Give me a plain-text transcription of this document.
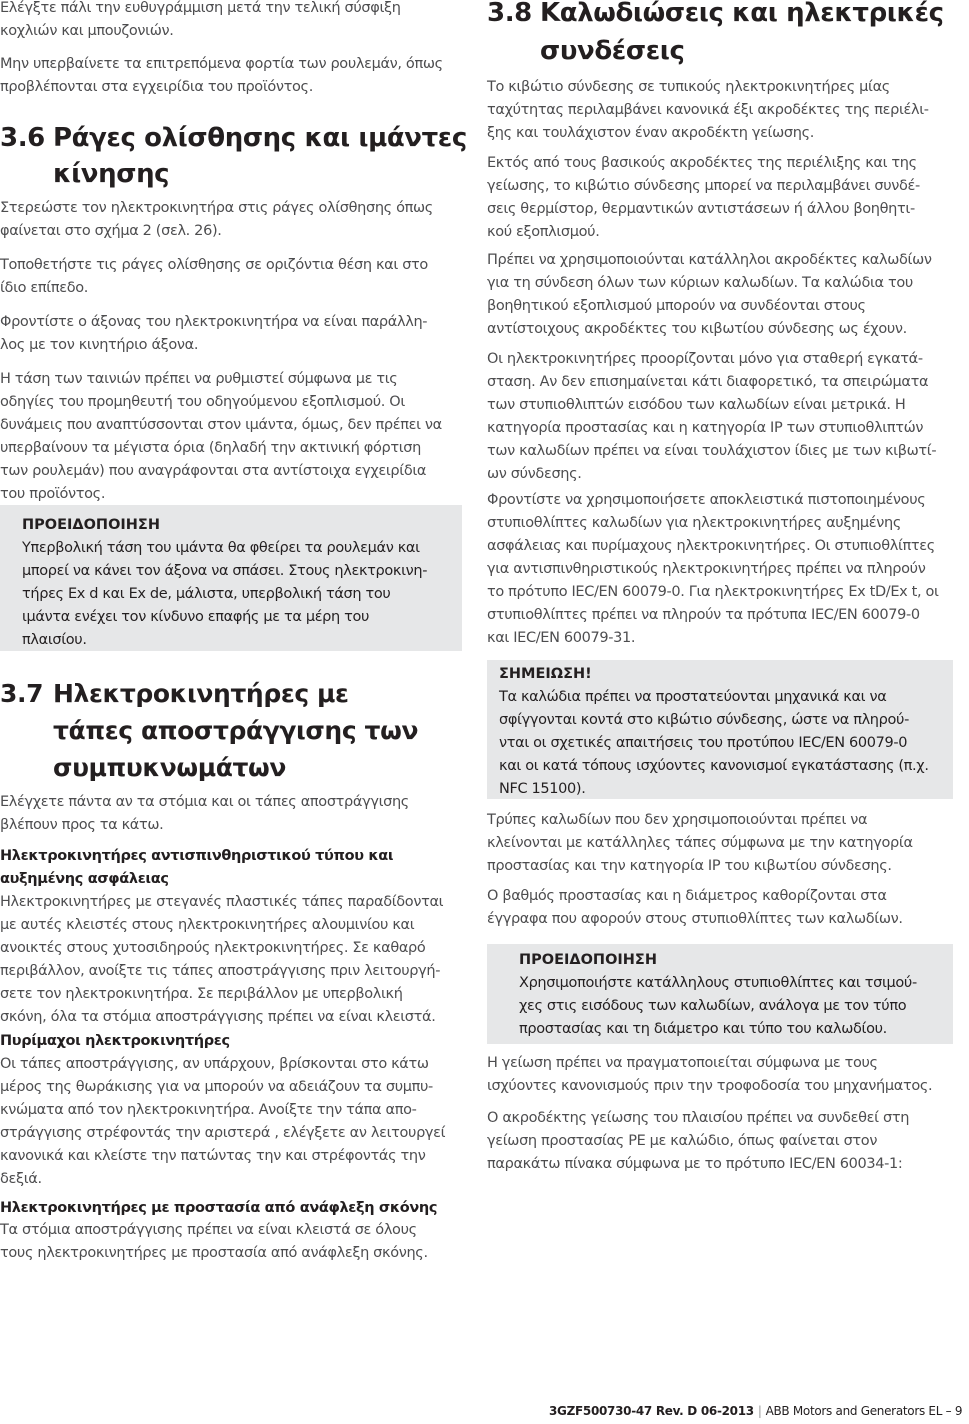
Ελέγξτε πάλι την ευθυγράμμιση μετά την τελική σύσφιξη
κοχλιών και μπουζονιών.

Μην υπερβαίνετε τα επιτρεπόμενα φορτία των ρουλεμάν, όπως
προβλέπονται στα εγχειρίδια του προϊόντος.

3.6 Ράγες ολίσθησης και ιμάντες
κίνησης

Στερεώστε τον ηλεκτροκινητήρα στις ράγες ολίσθησης όπως
φαίνεται στο σχήμα 2 (σελ. 26).

Τοποθετήστε τις ράγες ολίσθησης σε οριζόντια θέση και στο
ίδιο επίπεδο.

Φροντίστε ο άξονας του ηλεκτροκινητήρα να είναι παράλλη-
λος με τον κινητήριο άξονα.

Η τάση των ταινιών πρέπει να ρυθμιστεί σύμφωνα με τις
οδηγίες του προμηθευτή του οδηγούμενου εξοπλισμού. Οι
δυνάμεις που αναπτύσσονται στον ιμάντα, όμως, δεν πρέπει να
υπερβαίνουν τα μέγιστα όρια (δηλαδή την ακτινική φόρτιση
των ρουλεμάν) που αναγράφονται στα αντίστοιχα εγχειρίδια
του προϊόντος.

ΠΡΟΕΙΔΟΠΟΙΗΣΗ

Υπερβολική τάση του ιμάντα θα φθείρει τα ρουλεμάν και
μπορεί να κάνει τον άξονα να σπάσει. Στους ηλεκτροκινη-
τήρες Ex d και Ex de, μάλιστα, υπερβολική τάση του
ιμάντα ενέχει τον κίνδυνο επαφής με τα μέρη του
πλαισίου.

3.7 Ηλεκτροκινητήρες με
τάπες αποστράγγισης των
συμπυκνωμάτων

Ελέγχετε πάντα αν τα στόμια και οι τάπες αποστράγγισης
βλέπουν προς τα κάτω.

Ηλεκτροκινητήρες αντισπινθηριστικού τύπου και
αυξημένης ασφάλειας

Ηλεκτροκινητήρες με στεγανές πλαστικές τάπες παραδίδονται
με αυτές κλειστές στους ηλεκτροκινητήρες αλουμινίου και
ανοικτές στους χυτοσιδηρούς ηλεκτροκινητήρες. Σε καθαρό
περιβάλλον, ανοίξτε τις τάπες αποστράγγισης πριν λειτουργή-
σετε τον ηλεκτροκινητήρα. Σε περιβάλλον με υπερβολική
σκόνη, όλα τα στόμια αποστράγγισης πρέπει να είναι κλειστά.

Πυρίμαχοι ηλεκτροκινητήρες

Οι τάπες αποστράγγισης, αν υπάρχουν, βρίσκονται στο κάτω
μέρος της θωράκισης για να μπορούν να αδειάζουν τα συμπυ-
κνώματα από τον ηλεκτροκινητήρα. Ανοίξτε την τάπα απο-
στράγγισης στρέφοντάς την αριστερά , ελέγξετε αν λειτουργεί
κανονικά και κλείστε την πατώντας την και στρέφοντάς την
δεξιά.

Ηλεκτροκινητήρες με προστασία από ανάφλεξη σκόνης

Τα στόμια αποστράγγισης πρέπει να είναι κλειστά σε όλους
τους ηλεκτροκινητήρες με προστασία από ανάφλεξη σκόνης.

3.8 Καλωδιώσεις και ηλεκτρικές
συνδέσεις

Το κιβώτιο σύνδεσης σε τυπικούς ηλεκτροκινητήρες μίας
ταχύτητας περιλαμβάνει κανονικά έξι ακροδέκτες της περιέλι-
ξης και τουλάχιστον έναν ακροδέκτη γείωσης.

Εκτός από τους βασικούς ακροδέκτες της περιέλιξης και της
γείωσης, το κιβώτιο σύνδεσης μπορεί να περιλαμβάνει συνδέ-
σεις θερμίστορ, θερμαντικών αντιστάσεων ή άλλου βοηθητι-
κού εξοπλισμού.

Πρέπει να χρησιμοποιούνται κατάλληλοι ακροδέκτες καλωδίων
για τη σύνδεση όλων των κύριων καλωδίων. Τα καλώδια του
βοηθητικού εξοπλισμού μπορούν να συνδέονται στους
αντίστοιχους ακροδέκτες του κιβωτίου σύνδεσης ως έχουν.

Οι ηλεκτροκινητήρες προορίζονται μόνο για σταθερή εγκατά-
σταση. Αν δεν επισημαίνεται κάτι διαφορετικό, τα σπειρώματα
των στυπιοθλιπτών εισόδου των καλωδίων είναι μετρικά. Η
κατηγορία προστασίας και η κατηγορία IP των στυπιοθλιπτών
των καλωδίων πρέπει να είναι τουλάχιστον ίδιες με των κιβωτί-
ων σύνδεσης.

Φροντίστε να χρησιμοποιήσετε αποκλειστικά πιστοποιημένους
στυπιοθλίπτες καλωδίων για ηλεκτροκινητήρες αυξημένης
ασφάλειας και πυρίμαχους ηλεκτροκινητήρες. Οι στυπιοθλίπτες
για αντισπινθηριστικούς ηλεκτροκινητήρες πρέπει να πληρούν
το πρότυπο IEC/EN 60079-0. Για ηλεκτροκινητήρες Ex tD/Ex t, οι
στυπιοθλίπτες πρέπει να πληρούν τα πρότυπα IEC/EN 60079-0
και IEC/EN 60079-31.

ΣΗΜΕΙΩΣΗ!

Τα καλώδια πρέπει να προστατεύονται μηχανικά και να
σφίγγονται κοντά στο κιβώτιο σύνδεσης, ώστε να πληρού-
νται οι σχετικές απαιτήσεις του προτύπου IEC/EN 60079-0
και οι κατά τόπους ισχύοντες κανονισμοί εγκατάστασης (π.χ.
NFC 15100).

Τρύπες καλωδίων που δεν χρησιμοποιούνται πρέπει να
κλείνονται με κατάλληλες τάπες σύμφωνα με την κατηγορία
προστασίας και την κατηγορία IP του κιβωτίου σύνδεσης.

Ο βαθμός προστασίας και η διάμετρος καθορίζονται στα
έγγραφα που αφορούν στους στυπιοθλίπτες των καλωδίων.

ΠΡΟΕΙΔΟΠΟΙΗΣΗ

Χρησιμοποιήστε κατάλληλους στυπιοθλίπτες και τσιμού-
χες στις εισόδους των καλωδίων, ανάλογα με τον τύπο
προστασίας και τη διάμετρο και τύπο του καλωδίου.

Η γείωση πρέπει να πραγματοποιείται σύμφωνα με τους
ισχύοντες κανονισμούς πριν την τροφοδοσία του μηχανήματος.

Ο ακροδέκτης γείωσης του πλαισίου πρέπει να συνδεθεί στη
γείωση προστασίας PE με καλώδιο, όπως φαίνεται στον
παρακάτω πίνακα σύμφωνα με το πρότυπο IEC/EN 60034-1:

3GZF500730-47 Rev. D 06-2013 | ABB Motors and Generators EL – 9
